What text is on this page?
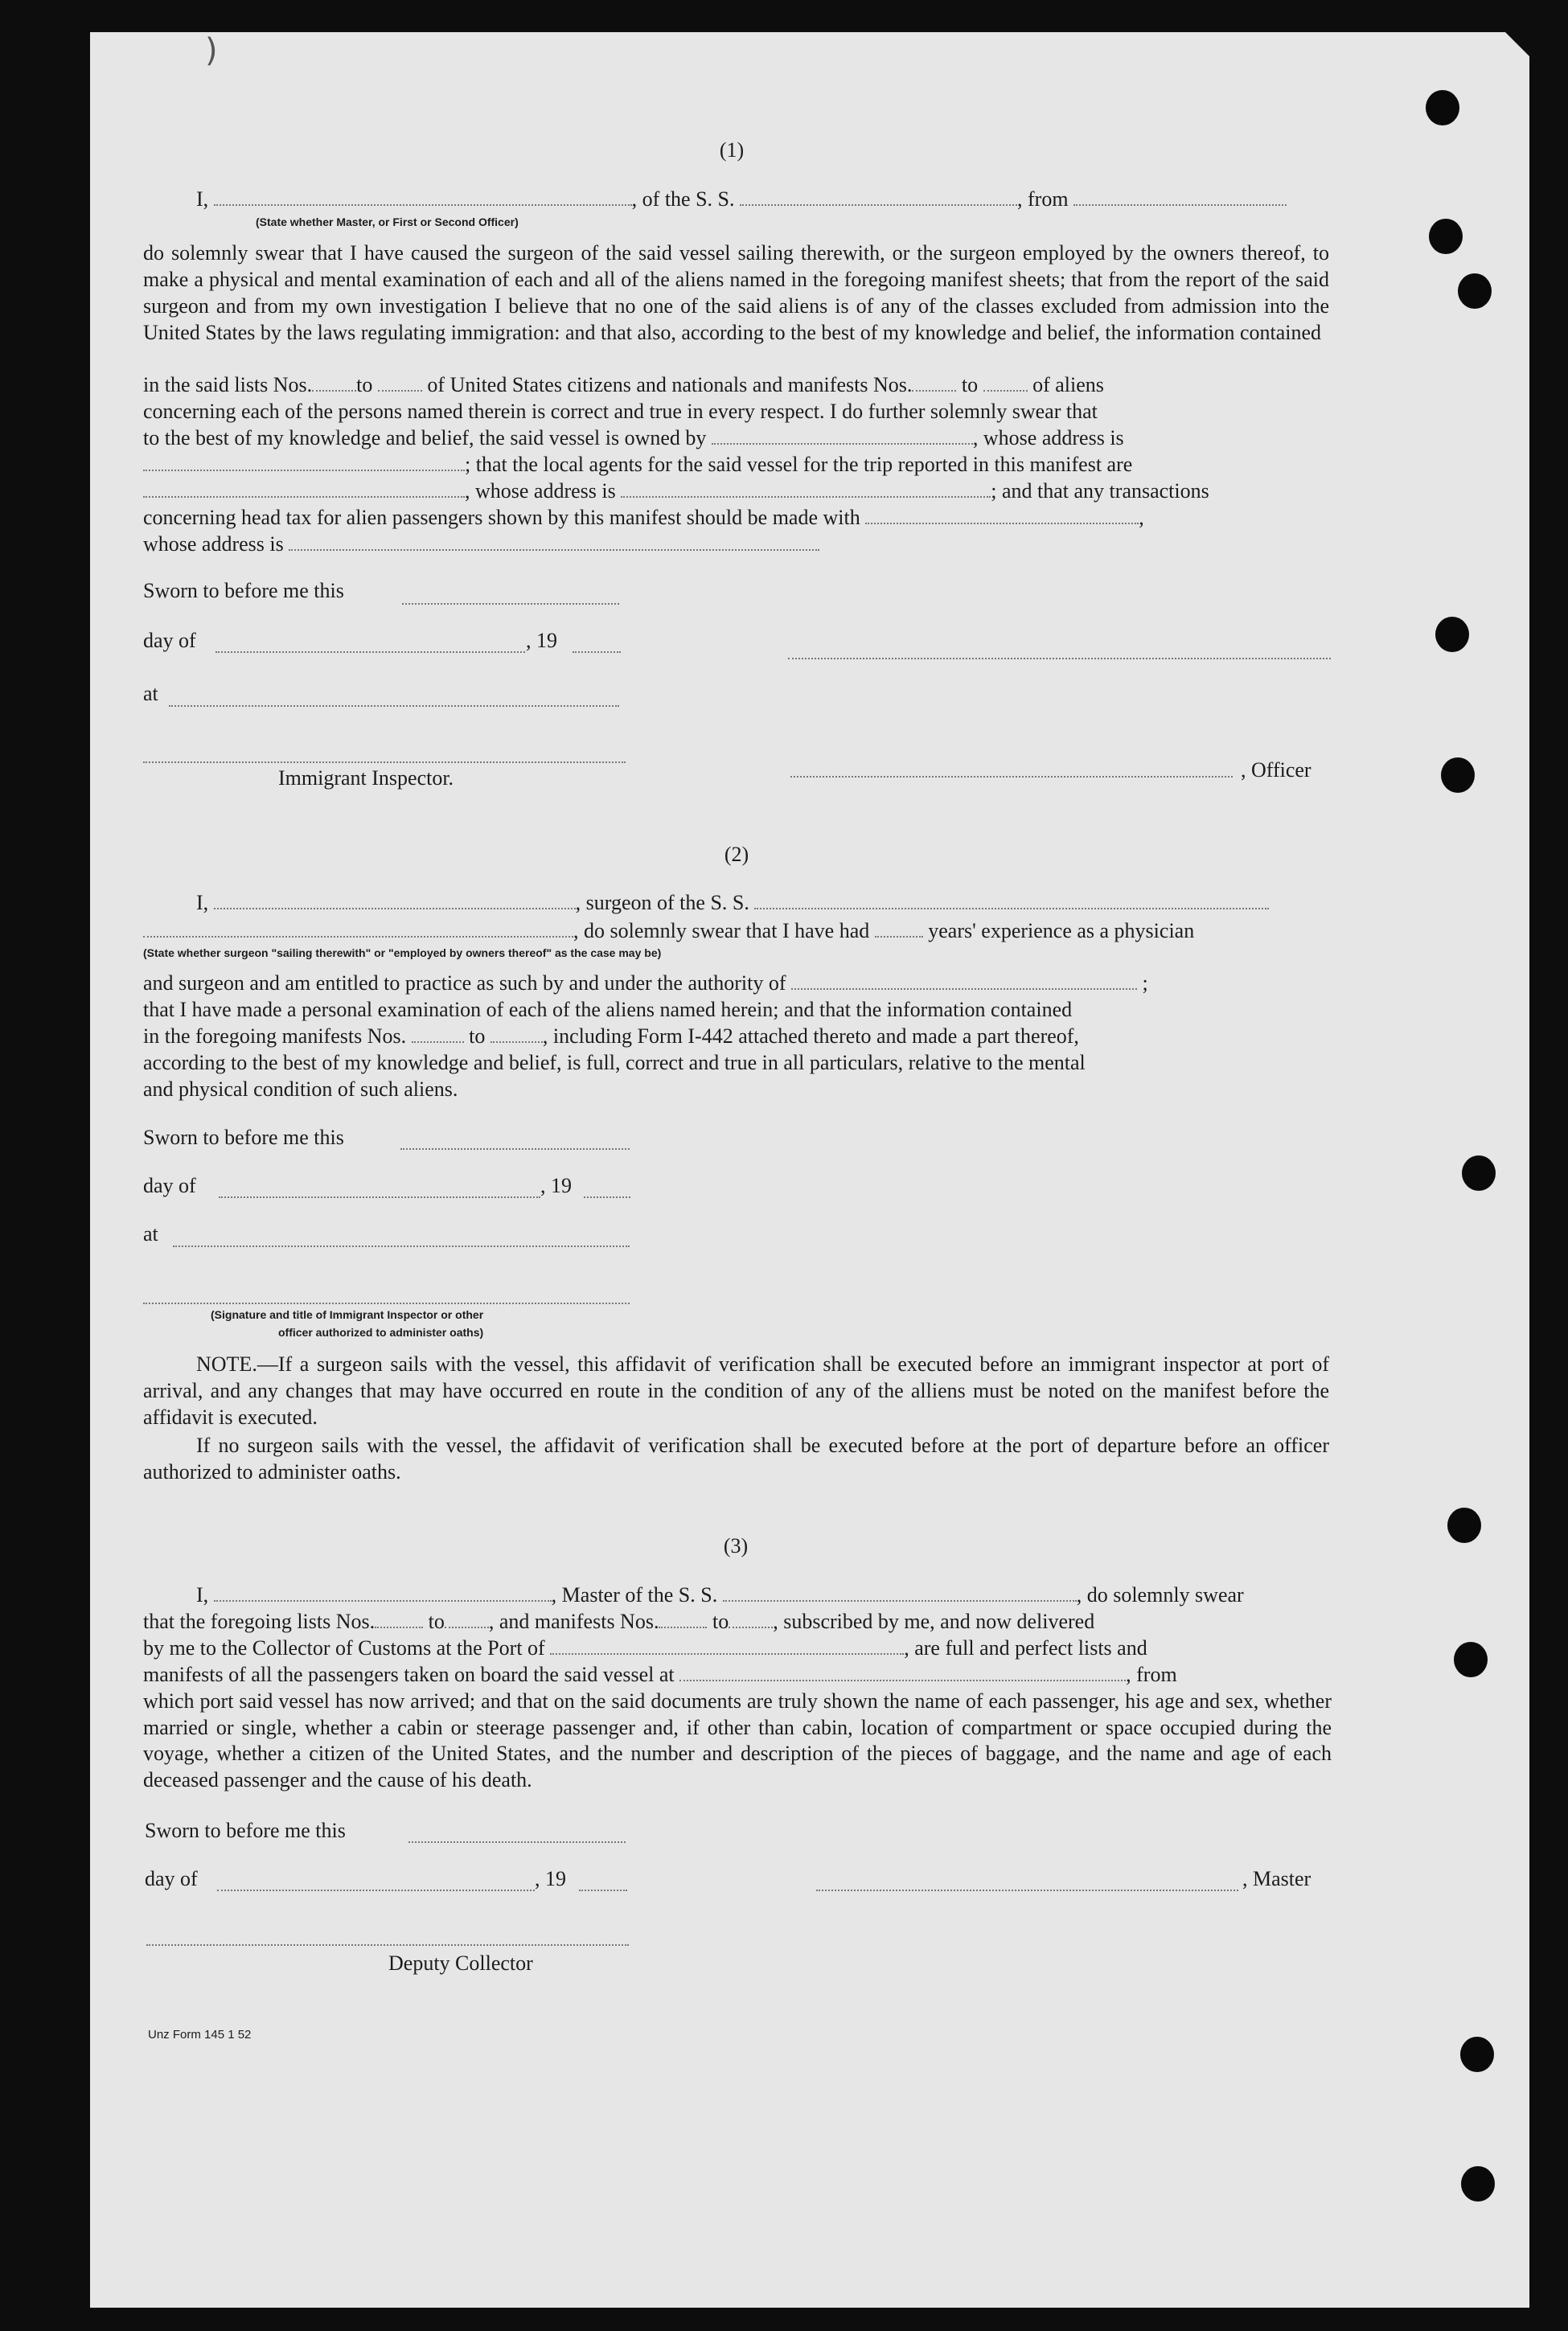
)
(1)
I,	, of the S. S.	, from
(State whether Master, or First or Second Officer)
do solemnly swear that I have caused the surgeon of the said vessel sailing therewith, or the surgeon employed by the owners thereof, to make a physical and mental examination of each and all of the aliens named in the foregoing manifest sheets; that from the report of the said surgeon and from my own investigation I believe that no one of the said aliens is of any of the classes excluded from admission into the United States by the laws regulating immigration: and that also, according to the best of my knowledge and belief, the information contained
in the said lists Nos. to	of United States citizens and nationals and manifests Nos. to	of aliens
concerning each of the persons named therein is correct and true in every respect. I do further solemnly swear that
to the best of my knowledge and belief, the said vessel is owned by	, whose address is
; that the local agents for the said vessel for the trip reported in this manifest are
, whose address is	; and that any transactions
concerning head tax for alien passengers shown by this manifest should be made with	,
whose address is
Sworn to before me this
day of	, 19
at
Immigrant Inspector.	, Officer
(2)
I,	, surgeon of the S. S.
, do solemnly swear that I have had	years' experience as a physician
(State whether surgeon "sailing therewith" or "employed by owners thereof" as the case may be)
and surgeon and am entitled to practice as such by and under the authority of	;
that I have made a personal examination of each of the aliens named herein; and that the information contained
in the foregoing manifests Nos.	to	, including Form I-442 attached thereto and made a part thereof,
according to the best of my knowledge and belief, is full, correct and true in all particulars, relative to the mental
and physical condition of such aliens.
Sworn to before me this
day of	, 19
at
(Signature and title of Immigrant Inspector or other
officer authorized to administer oaths)
NOTE.—If a surgeon sails with the vessel, this affidavit of verification shall be executed before an immigrant inspector at port of arrival, and any changes that may have occurred en route in the condition of any of the alliens must be noted on the manifest before the affidavit is executed.
If no surgeon sails with the vessel, the affidavit of verification shall be executed before at the port of departure before an officer authorized to administer oaths.
(3)
I,	, Master of the S. S.	, do solemnly swear
that the foregoing lists Nos.	to , and manifests Nos.	to , subscribed by me, and now delivered
by me to the Collector of Customs at the Port of	, are full and perfect lists and
manifests of all the passengers taken on board the said vessel at	, from
which port said vessel has now arrived; and that on the said documents are truly shown the name of each passenger, his age and sex, whether married or single, whether a cabin or steerage passenger and, if other than cabin, location of compartment or space occupied during the voyage, whether a citizen of the United States, and the number and description of the pieces of baggage, and the name and age of each deceased passenger and the cause of his death.
Sworn to before me this
day of	, 19	, Master
Deputy Collector
Unz Form 145 1 52
